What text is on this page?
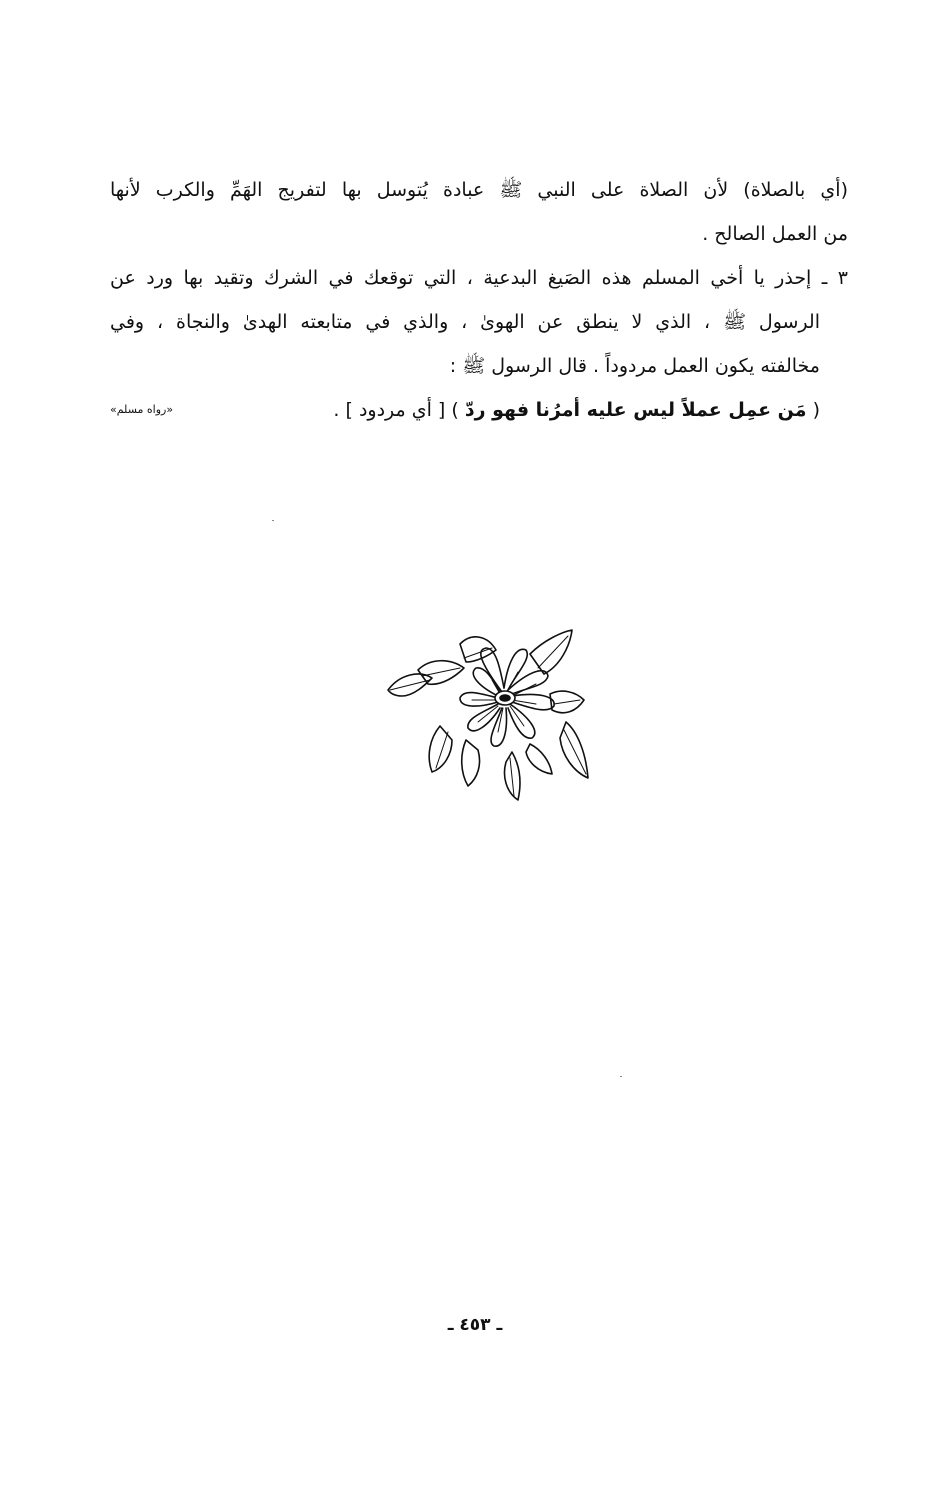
(أي بالصلاة) لأن الصلاة على النبي ﷺ عبادة يُتوسل بها لتفريج الهَمِّ والكرب لأنها
من العمل الصالح .
٣ ـ إحذر يا أخي المسلم هذه الصَيغ البدعية ، التي توقعك في الشرك وتقيد بها ورد عن
الرسول ﷺ ، الذي لا ينطق عن الهوىٰ ، والذي في متابعته الهدىٰ والنجاة ، وفي
مخالفته يكون العمل مردوداً . قال الرسول ﷺ :
( مَن عمِل عملاً ليس عليه أمرُنا فهو ردّ ) [ أي مردود ] .
«رواه مسلم»
ـ ٤٥٣ ـ
